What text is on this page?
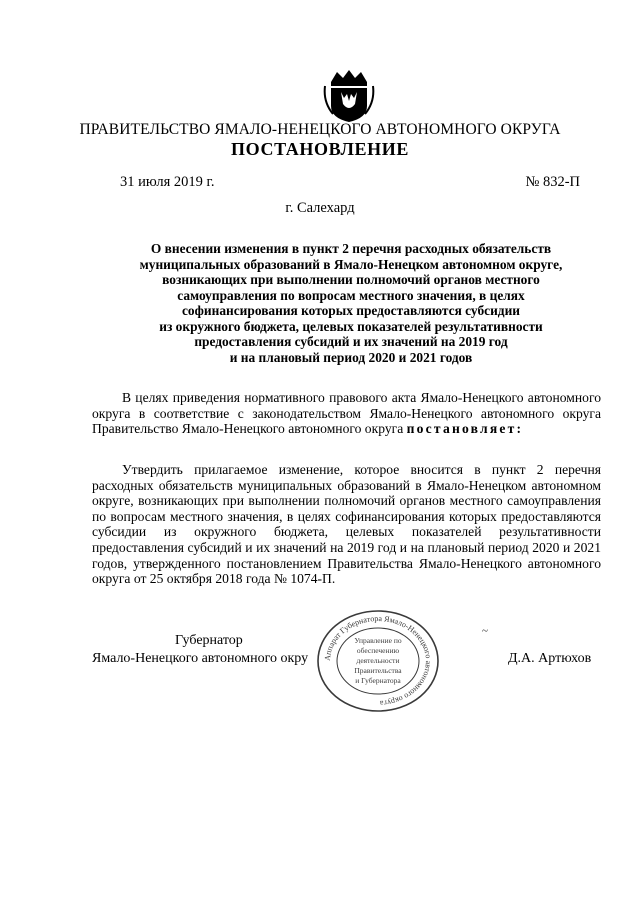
ПРАВИТЕЛЬСТВО ЯМАЛО-НЕНЕЦКОГО АВТОНОМНОГО ОКРУГА
ПОСТАНОВЛЕНИЕ
31 июля 2019 г.	№ 832-П
г. Салехард
О внесении изменения в пункт 2 перечня расходных обязательств
муниципальных образований в Ямало-Ненецком автономном округе,
возникающих при выполнении полномочий органов местного
самоуправления по вопросам местного значения, в целях
софинансирования которых предоставляются субсидии
из окружного бюджета, целевых показателей результативности
предоставления субсидий и их значений на 2019 год
и на плановый период 2020 и 2021 годов
В целях приведения нормативного правового акта Ямало-Ненецкого автономного округа в соответствие с законодательством Ямало-Ненецкого автономного округа Правительство Ямало-Ненецкого автономного округа постановляет:
Утвердить прилагаемое изменение, которое вносится в пункт 2 перечня расходных обязательств муниципальных образований в Ямало-Ненецком автономном округе, возникающих при выполнении полномочий органов местного самоуправления по вопросам местного значения, в целях софинансирования которых предоставляются субсидии из окружного бюджета, целевых показателей результативности предоставления субсидий и их значений на 2019 год и на плановый период 2020 и 2021 годов, утвержденного постановлением Правительства Ямало-Ненецкого автономного округа от 25 октября 2018 года № 1074-П.
Губернатор
Ямало-Ненецкого автономного окру	Д.А. Артюхов
~
Аппарат Губернатора Ямало-Ненецкого автономного округа
Управление по
обеспечению
деятельности
Правительства
и Губернатора
